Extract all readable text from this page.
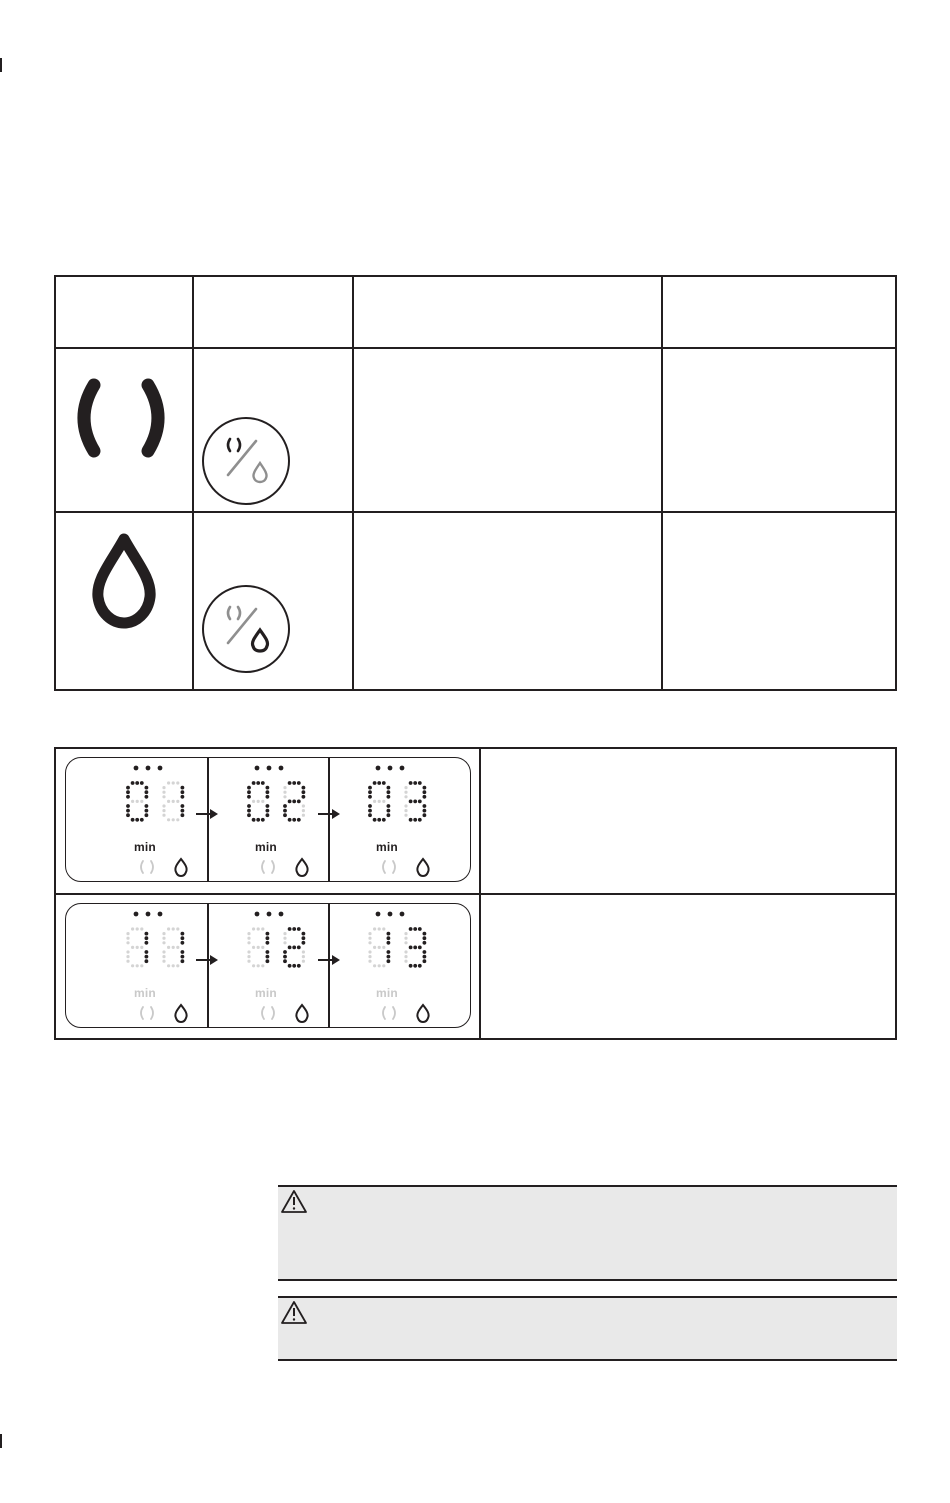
min	min	min
min	min	min
